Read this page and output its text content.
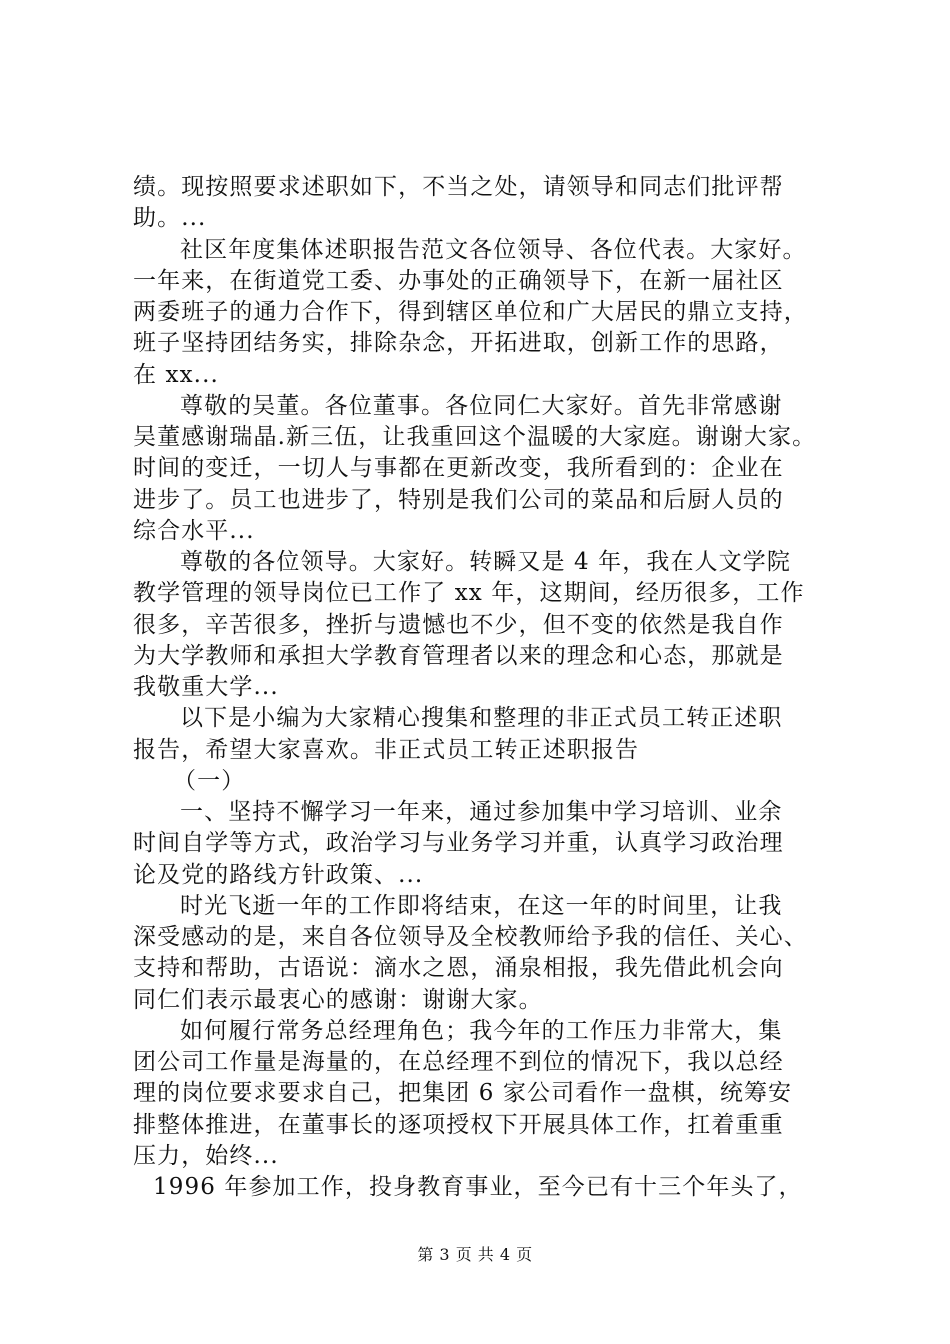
绩。现按照要求述职如下，不当之处，请领导和同志们批评帮
助。...
社区年度集体述职报告范文各位领导、各位代表。大家好。
一年来，在街道党工委、办事处的正确领导下，在新一届社区
两委班子的通力合作下，得到辖区单位和广大居民的鼎立支持，
班子坚持团结务实，排除杂念，开拓进取，创新工作的思路，
在 xx...
尊敬的吴董。各位董事。各位同仁大家好。首先非常感谢
吴董感谢瑞晶.新三伍，让我重回这个温暖的大家庭。谢谢大家。
时间的变迁，一切人与事都在更新改变，我所看到的：企业在
进步了。员工也进步了，特别是我们公司的菜品和后厨人员的
综合水平...
尊敬的各位领导。大家好。转瞬又是 4 年，我在人文学院
教学管理的领导岗位已工作了 xx 年，这期间，经历很多，工作
很多，辛苦很多，挫折与遗憾也不少，但不变的依然是我自作
为大学教师和承担大学教育管理者以来的理念和心态，那就是
我敬重大学...
以下是小编为大家精心搜集和整理的非正式员工转正述职
报告，希望大家喜欢。非正式员工转正述职报告
（一）
一、坚持不懈学习一年来，通过参加集中学习培训、业余
时间自学等方式，政治学习与业务学习并重，认真学习政治理
论及党的路线方针政策、...
时光飞逝一年的工作即将结束，在这一年的时间里，让我
深受感动的是，来自各位领导及全校教师给予我的信任、关心、
支持和帮助，古语说：滴水之恩，涌泉相报，我先借此机会向
同仁们表示最衷心的感谢：谢谢大家。
如何履行常务总经理角色；我今年的工作压力非常大，集
团公司工作量是海量的，在总经理不到位的情况下，我以总经
理的岗位要求要求自己，把集团 6 家公司看作一盘棋，统筹安
排整体推进，在董事长的逐项授权下开展具体工作，扛着重重
压力，始终...
1996 年参加工作，投身教育事业，至今已有十三个年头了，
第 3 页 共 4 页
